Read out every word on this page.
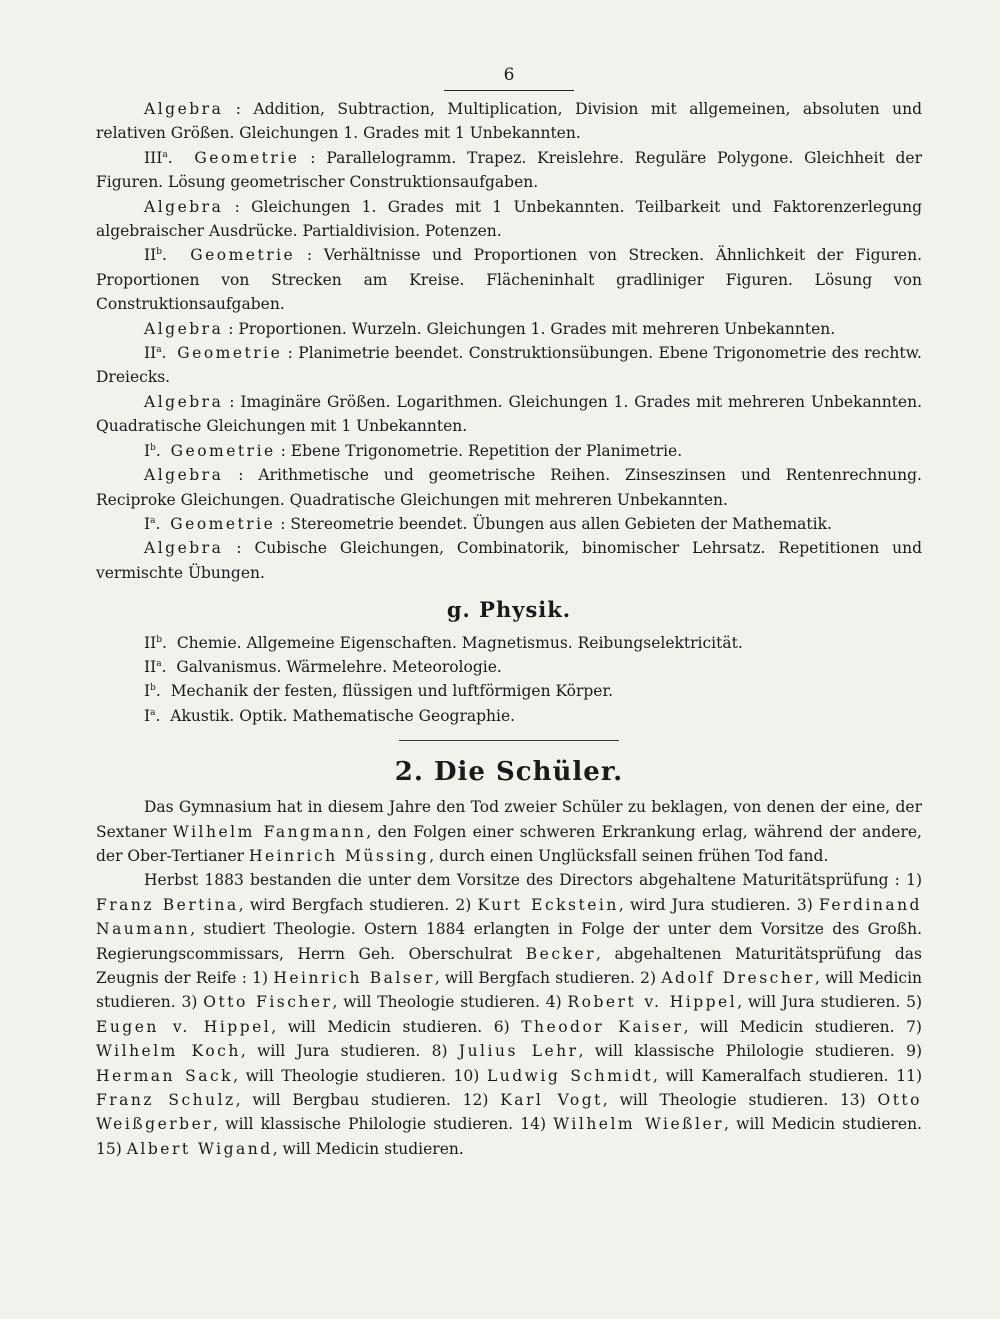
6

Algebra : Addition, Subtraction, Multiplication, Division mit allgemeinen, absoluten und relativen Größen. Gleichungen 1. Grades mit 1 Unbekannten.

III$^a$.  Geometrie : Parallelogramm. Trapez. Kreislehre. Reguläre Polygone. Gleichheit der Figuren. Lösung geometrischer Construktionsaufgaben.

Algebra : Gleichungen 1. Grades mit 1 Unbekannten. Teilbarkeit und Faktorenzerlegung algebraischer Ausdrücke. Partialdivision. Potenzen.

$II^b$.  Geometrie : Verhältnisse und Proportionen von Strecken. Ähnlichkeit der Figuren. Proportionen von Strecken am Kreise. Flächeninhalt gradliniger Figuren. Lösung von Construktionsaufgaben.

Algebra : Proportionen. Wurzeln. Gleichungen 1. Grades mit mehreren Unbekannten.

$II^a$.  Geometrie : Planimetrie beendet. Construktionsübungen. Ebene Trigonometrie des rechtw. Dreiecks.

Algebra : Imaginäre Größen. Logarithmen. Gleichungen 1. Grades mit mehreren Unbekannten. Quadratische Gleichungen mit 1 Unbekannten.

$I^b$.  Geometrie : Ebene Trigonometrie. Repetition der Planimetrie.

Algebra : Arithmetische und geometrische Reihen. Zinseszinsen und Rentenrechnung. Reciproke Gleichungen. Quadratische Gleichungen mit mehreren Unbekannten.

$I^a$.  Geometrie : Stereometrie beendet. Übungen aus allen Gebieten der Mathematik.

Algebra : Cubische Gleichungen, Combinatorik, binomischer Lehrsatz. Repetitionen und vermischte Übungen.

g. Physik.

$II^b$. Chemie. Allgemeine Eigenschaften. Magnetismus. Reibungselektricität.

$II^a$. Galvanismus. Wärmelehre. Meteorologie.

$I^b$. Mechanik der festen, flüssigen und luftförmigen Körper.

$I^a$. Akustik. Optik. Mathematische Geographie.

2. Die Schüler.

Das Gymnasium hat in diesem Jahre den Tod zweier Schüler zu beklagen, von denen der eine, der Sextaner Wilhelm Fangmann, den Folgen einer schweren Erkrankung erlag, während der andere, der Ober-Tertianer Heinrich Müssing, durch einen Unglücksfall seinen frühen Tod fand.

Herbst 1883 bestanden die unter dem Vorsitze des Directors abgehaltene Maturitätsprüfung : 1) Franz Bertina, wird Bergfach studieren. 2) Kurt Eckstein, wird Jura studieren. 3) Ferdinand Naumann, studiert Theologie. Ostern 1884 erlangten in Folge der unter dem Vorsitze des Großh. Regierungscommissars, Herrn Geh. Oberschulrat Becker, abgehaltenen Maturitätsprüfung das Zeugnis der Reife : 1) Heinrich Balser, will Bergfach studieren. 2) Adolf Drescher, will Medicin studieren. 3) Otto Fischer, will Theologie studieren. 4) Robert v. Hippel, will Jura studieren. 5) Eugen v. Hippel, will Medicin studieren. 6) Theodor Kaiser, will Medicin studieren. 7) Wilhelm Koch, will Jura studieren. 8) Julius Lehr, will klassische Philologie studieren. 9) Herman Sack, will Theologie studieren. 10) Ludwig Schmidt, will Kameralfach studieren. 11) Franz Schulz, will Bergbau studieren. 12) Karl Vogt, will Theologie studieren. 13) Otto Weißgerber, will klassische Philologie studieren. 14) Wilhelm Wießler, will Medicin studieren. 15) Albert Wigand, will Medicin studieren.
